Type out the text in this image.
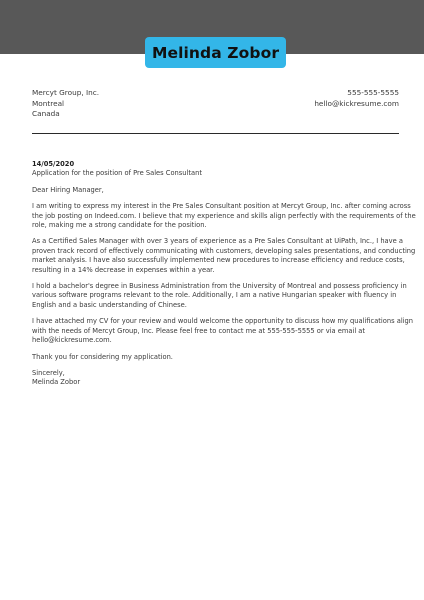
Melinda Zobor
Mercyt Group, Inc.
Montreal
Canada
555-555-5555
hello@kickresume.com
14/05/2020
Application for the position of Pre Sales Consultant
Dear Hiring Manager,
I am writing to express my interest in the Pre Sales Consultant position at Mercyt Group, Inc. after coming across
the job posting on Indeed.com. I believe that my experience and skills align perfectly with the requirements of the
role, making me a strong candidate for the position.
As a Certified Sales Manager with over 3 years of experience as a Pre Sales Consultant at UiPath, Inc., I have a
proven track record of effectively communicating with customers, developing sales presentations, and conducting
market analysis. I have also successfully implemented new procedures to increase efficiency and reduce costs,
resulting in a 14% decrease in expenses within a year.
I hold a bachelor's degree in Business Administration from the University of Montreal and possess proficiency in
various software programs relevant to the role. Additionally, I am a native Hungarian speaker with fluency in
English and a basic understanding of Chinese.
I have attached my CV for your review and would welcome the opportunity to discuss how my qualifications align
with the needs of Mercyt Group, Inc. Please feel free to contact me at 555-555-5555 or via email at
hello@kickresume.com.
Thank you for considering my application.
Sincerely,
Melinda Zobor
